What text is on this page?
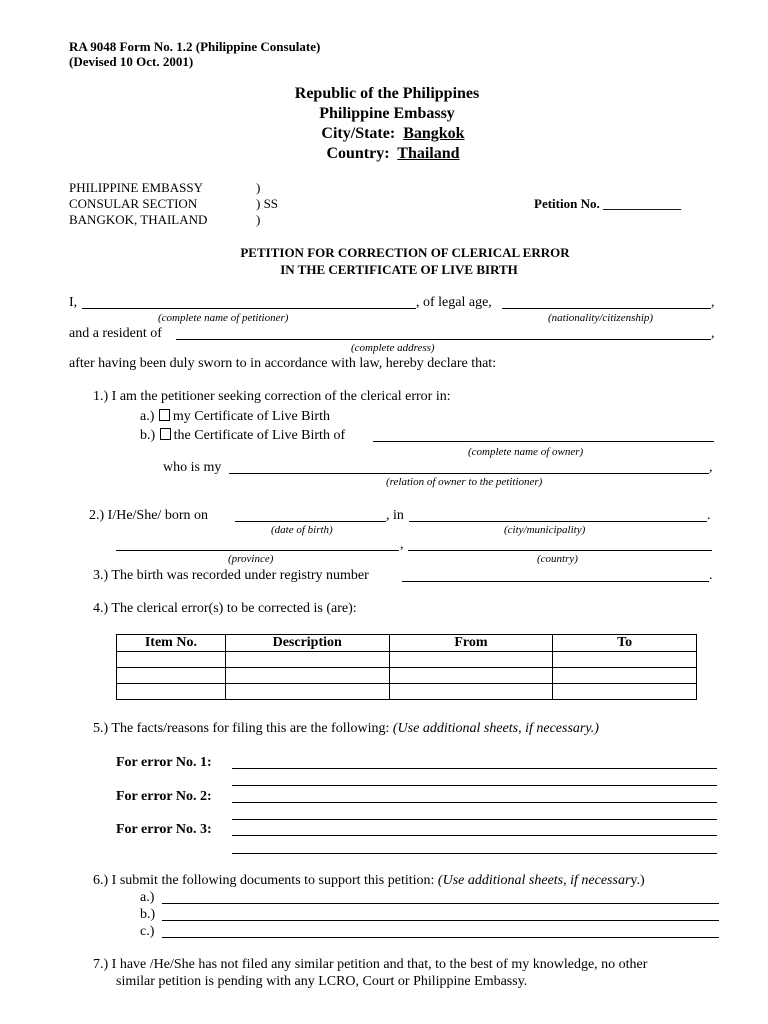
RA 9048 Form No. 1.2 (Philippine Consulate)
(Devised 10 Oct. 2001)
Republic of the Philippines
Philippine Embassy
City/State: Bangkok
Country: Thailand
PHILIPPINE EMBASSY
CONSULAR SECTION
BANGKOK, THAILAND
)
) SS
)
Petition No. ____________
PETITION FOR CORRECTION OF CLERICAL ERROR
IN THE CERTIFICATE OF LIVE BIRTH
I,	, of legal age,	,
(complete name of petitioner)	(nationality/citizenship)
and a resident of	,
(complete address)
after having been duly sworn to in accordance with law, hereby declare that:
1.) I am the petitioner seeking correction of the clerical error in:
a.) my Certificate of Live Birth
b.) the Certificate of Live Birth of
(complete name of owner)
who is my	,
(relation of owner to the petitioner)
2.) I/He/She/ born on	, in	.
(date of birth)	(city/municipality)
,
(province)	(country)
3.) The birth was recorded under registry number	.
4.) The clerical error(s) to be corrected is (are):
Item No.	Description	From	To

5.) The facts/reasons for filing this are the following: (Use additional sheets, if necessary.)
For error No. 1:
For error No. 2:
For error No. 3:
6.) I submit the following documents to support this petition: (Use additional sheets, if necessary.)
a.)
b.)
c.)
7.) I have /He/She has not filed any similar petition and that, to the best of my knowledge, no other
similar petition is pending with any LCRO, Court or Philippine Embassy.
